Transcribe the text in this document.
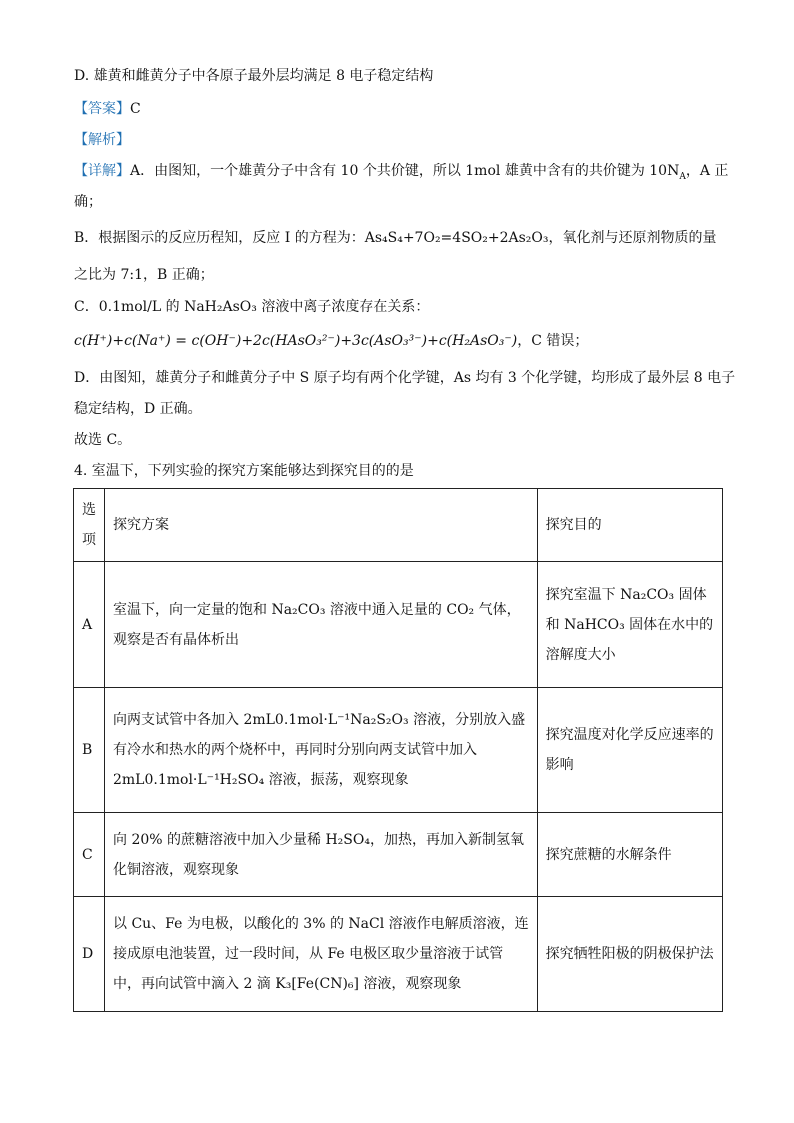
D. 雄黄和雌黄分子中各原子最外层均满足 8 电子稳定结构
【答案】C
【解析】
【详解】A．由图知，一个雄黄分子中含有 10 个共价键，所以 1mol 雄黄中含有的共价键为 $10N_A$，A 正
确；
B．根据图示的反应历程知，反应 I 的方程为：As₄S₄+7O₂=4SO₂+2As₂O₃，氧化剂与还原剂物质的量
之比为 7:1，B 正确；
C．0.1mol/L 的 NaH₂AsO₃ 溶液中离子浓度存在关系：
c(H⁺)+c(Na⁺) = c(OH⁻)+2c(HAsO₃²⁻)+3c(AsO₃³⁻)+c(H₂AsO₃⁻)，C 错误；
D．由图知，雄黄分子和雌黄分子中 S 原子均有两个化学键，As 均有 3 个化学键，均形成了最外层 8 电子
稳定结构，D 正确。
故选 C。
4. 室温下，下列实验的探究方案能够达到探究目的的是
选
项	探究方案	探究目的
A	室温下，向一定量的饱和 Na₂CO₃ 溶液中通入足量的 CO₂ 气体，
观察是否有晶体析出	探究室温下 Na₂CO₃ 固体
和 NaHCO₃ 固体在水中的
溶解度大小

B	向两支试管中各加入 2mL0.1mol·L⁻¹Na₂S₂O₃ 溶液，分别放入盛
有冷水和热水的两个烧杯中，再同时分别向两支试管中加入
2mL0.1mol·L⁻¹H₂SO₄ 溶液，振荡，观察现象	探究温度对化学反应速率的
影响

C	向 20% 的蔗糖溶液中加入少量稀 H₂SO₄，加热，再加入新制氢氧
化铜溶液，观察现象	探究蔗糖的水解条件

D	以 Cu、Fe 为电极，以酸化的 3% 的 NaCl 溶液作电解质溶液，连
接成原电池装置，过一段时间，从 Fe 电极区取少量溶液于试管
中，再向试管中滴入 2 滴 K₃[Fe(CN)₆] 溶液，观察现象	探究牺牲阳极的阴极保护法
